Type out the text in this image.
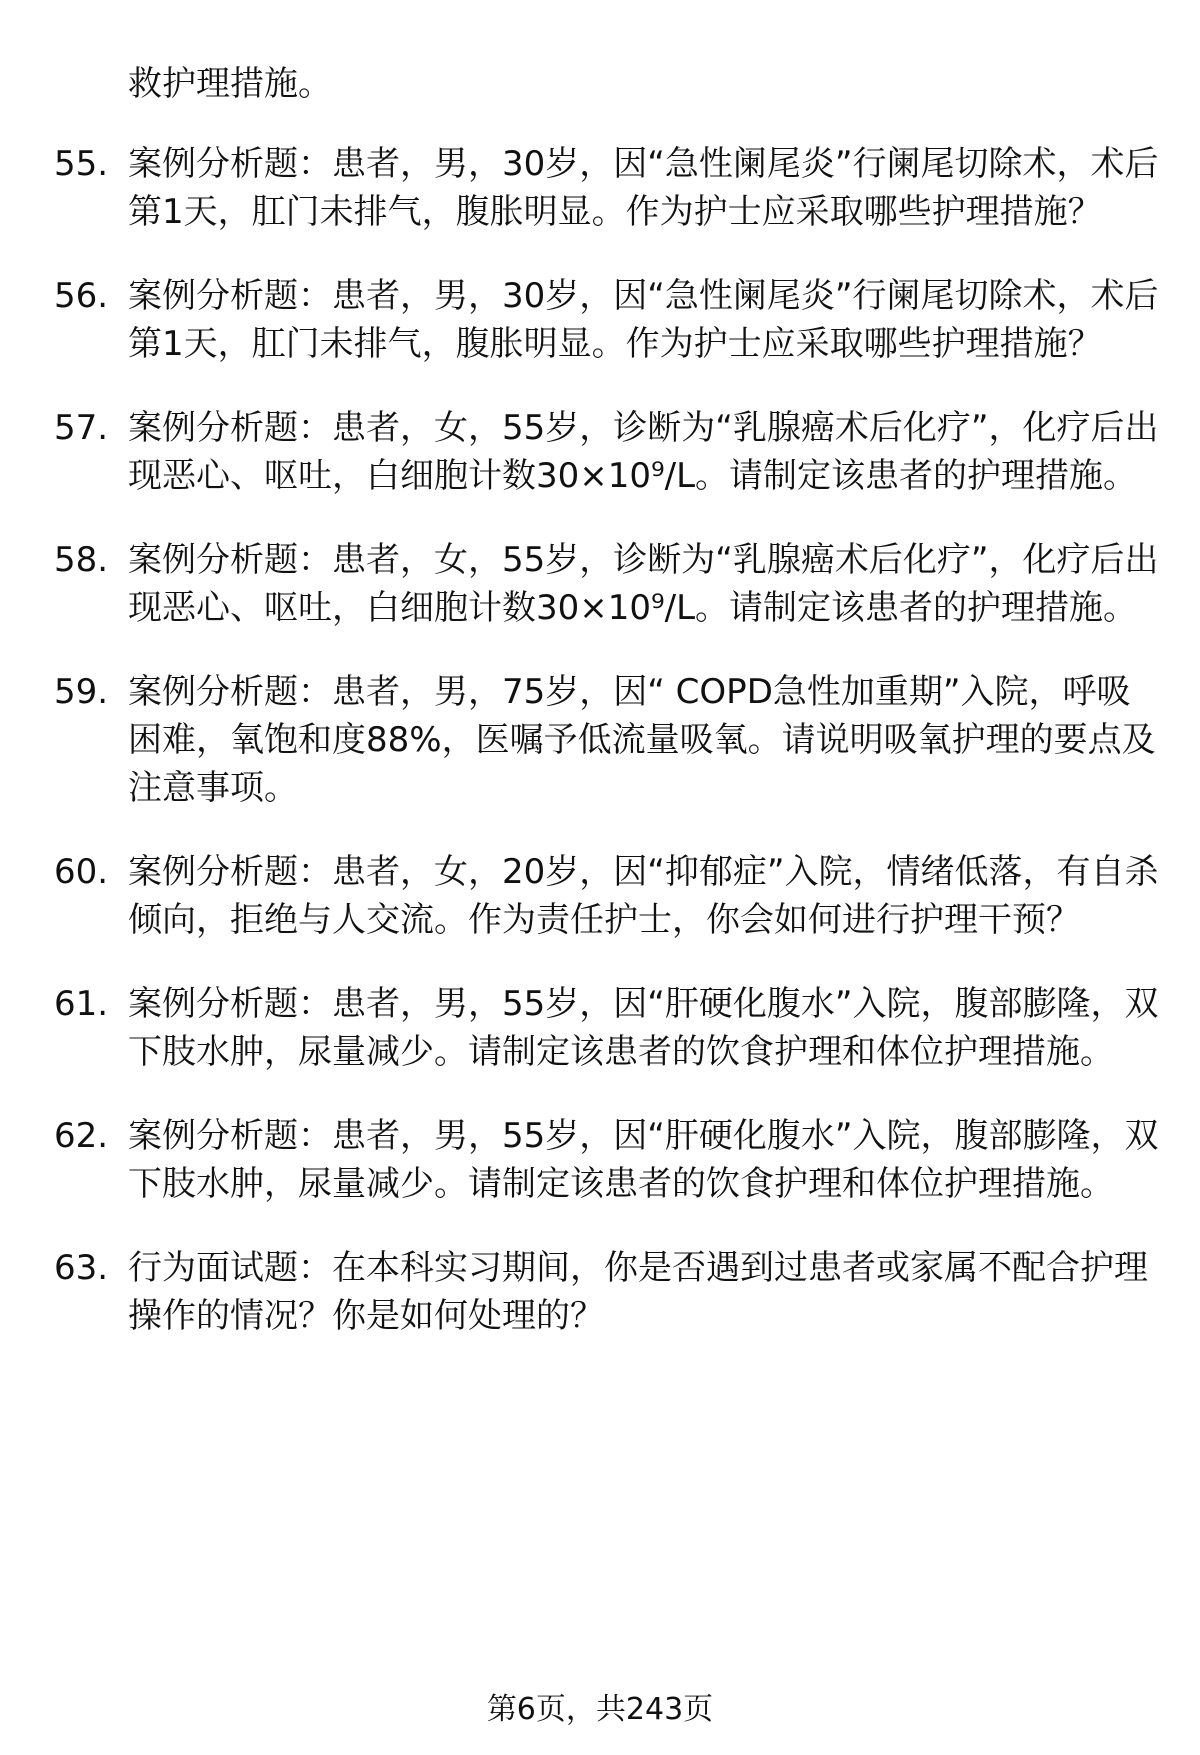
​
救护理措施。
55. 案例分析题：患者，男，30岁，因“急性阑尾炎”行阑尾切除术，术后第1天，肛门未排气，腹胀明显。作为护士应采取哪些护理措施？
56. 案例分析题：患者，男，30岁，因“急性阑尾炎”行阑尾切除术，术后第1天，肛门未排气，腹胀明显。作为护士应采取哪些护理措施？
57. 案例分析题：患者，女，55岁，诊断为“乳腺癌术后化疗”，化疗后出现恶心、呕吐，白细胞计数30×10⁹/L。请制定该患者的护理措施。
58. 案例分析题：患者，女，55岁，诊断为“乳腺癌术后化疗”，化疗后出现恶心、呕吐，白细胞计数30×10⁹/L。请制定该患者的护理措施。
59. 案例分析题：患者，男，75岁，因“ COPD急性加重期”入院，呼吸困难，氧饱和度88%，医嘱予低流量吸氧。请说明吸氧护理的要点及注意事项。
60. 案例分析题：患者，女，20岁，因“抑郁症”入院，情绪低落，有自杀倾向，拒绝与人交流。作为责任护士，你会如何进行护理干预？
61. 案例分析题：患者，男，55岁，因“肝硬化腹水”入院，腹部膨隆，双下肢水肿，尿量减少。请制定该患者的饮食护理和体位护理措施。
62. 案例分析题：患者，男，55岁，因“肝硬化腹水”入院，腹部膨隆，双下肢水肿，尿量减少。请制定该患者的饮食护理和体位护理措施。
63. 行为面试题：在本科实习期间，你是否遇到过患者或家属不配合护理操作的情况？你是如何处理的？
第6页，共243页
